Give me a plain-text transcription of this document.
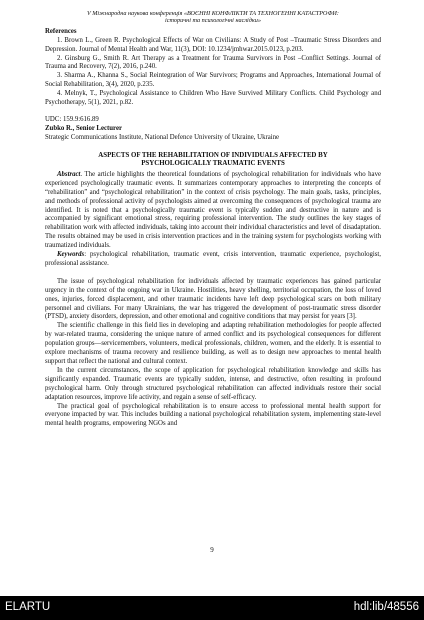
V Міжнародна наукова конференція «ВОЄННІ КОНФЛІКТИ ТА ТЕХНОГЕННІ КАТАСТРОФИ:
історичні та психологічні наслідки»
References
1. Brown L., Green R. Psychological Effects of War on Civilians: A Study of Post –Traumatic Stress Disorders and Depression. Journal of Mental Health and War, 11(3), DOI: 10.1234/jmhwar.2015.0123, p.203.
2. Ginsburg G., Smith R. Art Therapy as a Treatment for Trauma Survivors in Post –Conflict Settings. Journal of Trauma and Recovery, 7(2), 2016, p.240.
3. Sharma A., Khanna S., Social Reintegration of War Survivors; Programs and Approaches, International Journal of Social Rehabilitation, 3(4), 2020, p.235.
4. Melnyk, T., Psychological Assistance to Children Who Have Survived Military Conflicts. Child Psychology and Psychotherapy, 5(1), 2021, p.82.
UDC: 159.9:616.89
Zubko R., Senior Lecturer
Strategic Communications Institute, National Defence University of Ukraine, Ukraine
ASPECTS OF THE REHABILITATION OF INDIVIDUALS AFFECTED BY
PSYCHOLOGICALLY TRAUMATIC EVENTS

Abstract. The article highlights the theoretical foundations of psychological rehabilitation for individuals who have experienced psychologically traumatic events. It summarizes contemporary approaches to interpreting the concepts of “rehabilitation” and “psychological rehabilitation” in the context of crisis psychology. The main goals, tasks, principles, and methods of professional activity of psychologists aimed at overcoming the consequences of psychological trauma are identified. It is noted that a psychologically traumatic event is typically sudden and destructive in nature and is accompanied by significant emotional stress, requiring professional intervention. The study outlines the key stages of rehabilitation work with affected individuals, taking into account their individual characteristics and level of disadaptation. The results obtained may be used in crisis intervention practices and in the training system for psychologists working with traumatized individuals.

Keywords: psychological rehabilitation, traumatic event, crisis intervention, traumatic experience, psychologist, professional assistance.

The issue of psychological rehabilitation for individuals affected by traumatic experiences has gained particular urgency in the context of the ongoing war in Ukraine. Hostilities, heavy shelling, territorial occupation, the loss of loved ones, injuries, forced displacement, and other traumatic incidents have left deep psychological scars on both military personnel and civilians. For many Ukrainians, the war has triggered the development of post-traumatic stress disorder (PTSD), anxiety disorders, depression, and other emotional and cognitive conditions that may persist for years [3].

The scientific challenge in this field lies in developing and adapting rehabilitation methodologies for people affected by war-related trauma, considering the unique nature of armed conflict and its psychological consequences for different population groups—servicemembers, volunteers, medical professionals, children, women, and the elderly. It is essential to explore mechanisms of trauma recovery and resilience building, as well as to design new approaches to mental health support that reflect the national and cultural context.

In the current circumstances, the scope of application for psychological rehabilitation knowledge and skills has significantly expanded. Traumatic events are typically sudden, intense, and destructive, often resulting in profound psychological harm. Only through structured psychological rehabilitation can affected individuals restore their social adaptation resources, improve life activity, and regain a sense of self-efficacy.

The practical goal of psychological rehabilitation is to ensure access to professional mental health support for everyone impacted by war. This includes building a national psychological rehabilitation system, implementing state-level mental health programs, empowering NGOs and

9
ELARTU	hdl:lib/48556
